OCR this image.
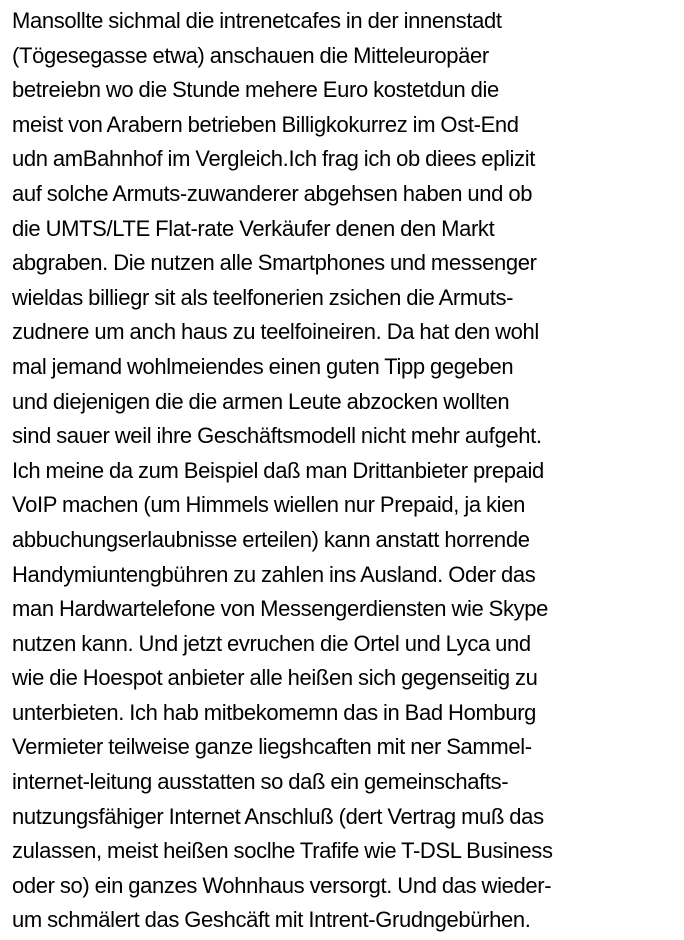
Mansollte sichmal die intrenetcafes in der innenstadt
(Tögesegasse etwa) anschauen die Mitteleuropäer
betreiebn wo die Stunde mehere Euro kostetdun die
meist von Arabern betrieben Billigkokurrez im Ost-End
udn amBahnhof im Vergleich.Ich frag ich ob diees eplizit
auf solche Armuts-zuwanderer abgehsen haben und ob
die UMTS/LTE Flat-rate Verkäufer denen den Markt
abgraben. Die nutzen alle Smartphones und messenger
wieldas billiegr sit als teelfonerien zsichen die Armuts-
zudnere um anch haus zu teelfoineiren. Da hat den wohl
mal jemand wohlmeiendes einen guten Tipp gegeben
und diejenigen die die armen Leute abzocken wollten
sind sauer weil ihre Geschäftsmodell nicht mehr aufgeht.
Ich meine da zum Beispiel daß man Drittanbieter prepaid
VoIP machen (um Himmels wiellen nur Prepaid, ja kien
abbuchungserlaubnisse erteilen) kann anstatt horrende
Handymiuntengbühren zu zahlen ins Ausland. Oder das
man Hardwartelefone von Messengerdiensten wie Skype
nutzen kann. Und jetzt evruchen die Ortel und Lyca und
wie die Hoespot anbieter alle heißen sich gegenseitig zu
unterbieten. Ich hab mitbekomemn das in Bad Homburg
Vermieter teilweise ganze liegshcaften mit ner Sammel-
internet-leitung ausstatten so daß ein gemeinschafts-
nutzungsfähiger Internet Anschluß (dert Vertrag muß das
zulassen, meist heißen soclhe Trafife wie T-DSL Business
oder so) ein ganzes Wohnhaus versorgt. Und das wieder-
um schmälert das Geshcäft mit Intrent-Grudngebürhen.
